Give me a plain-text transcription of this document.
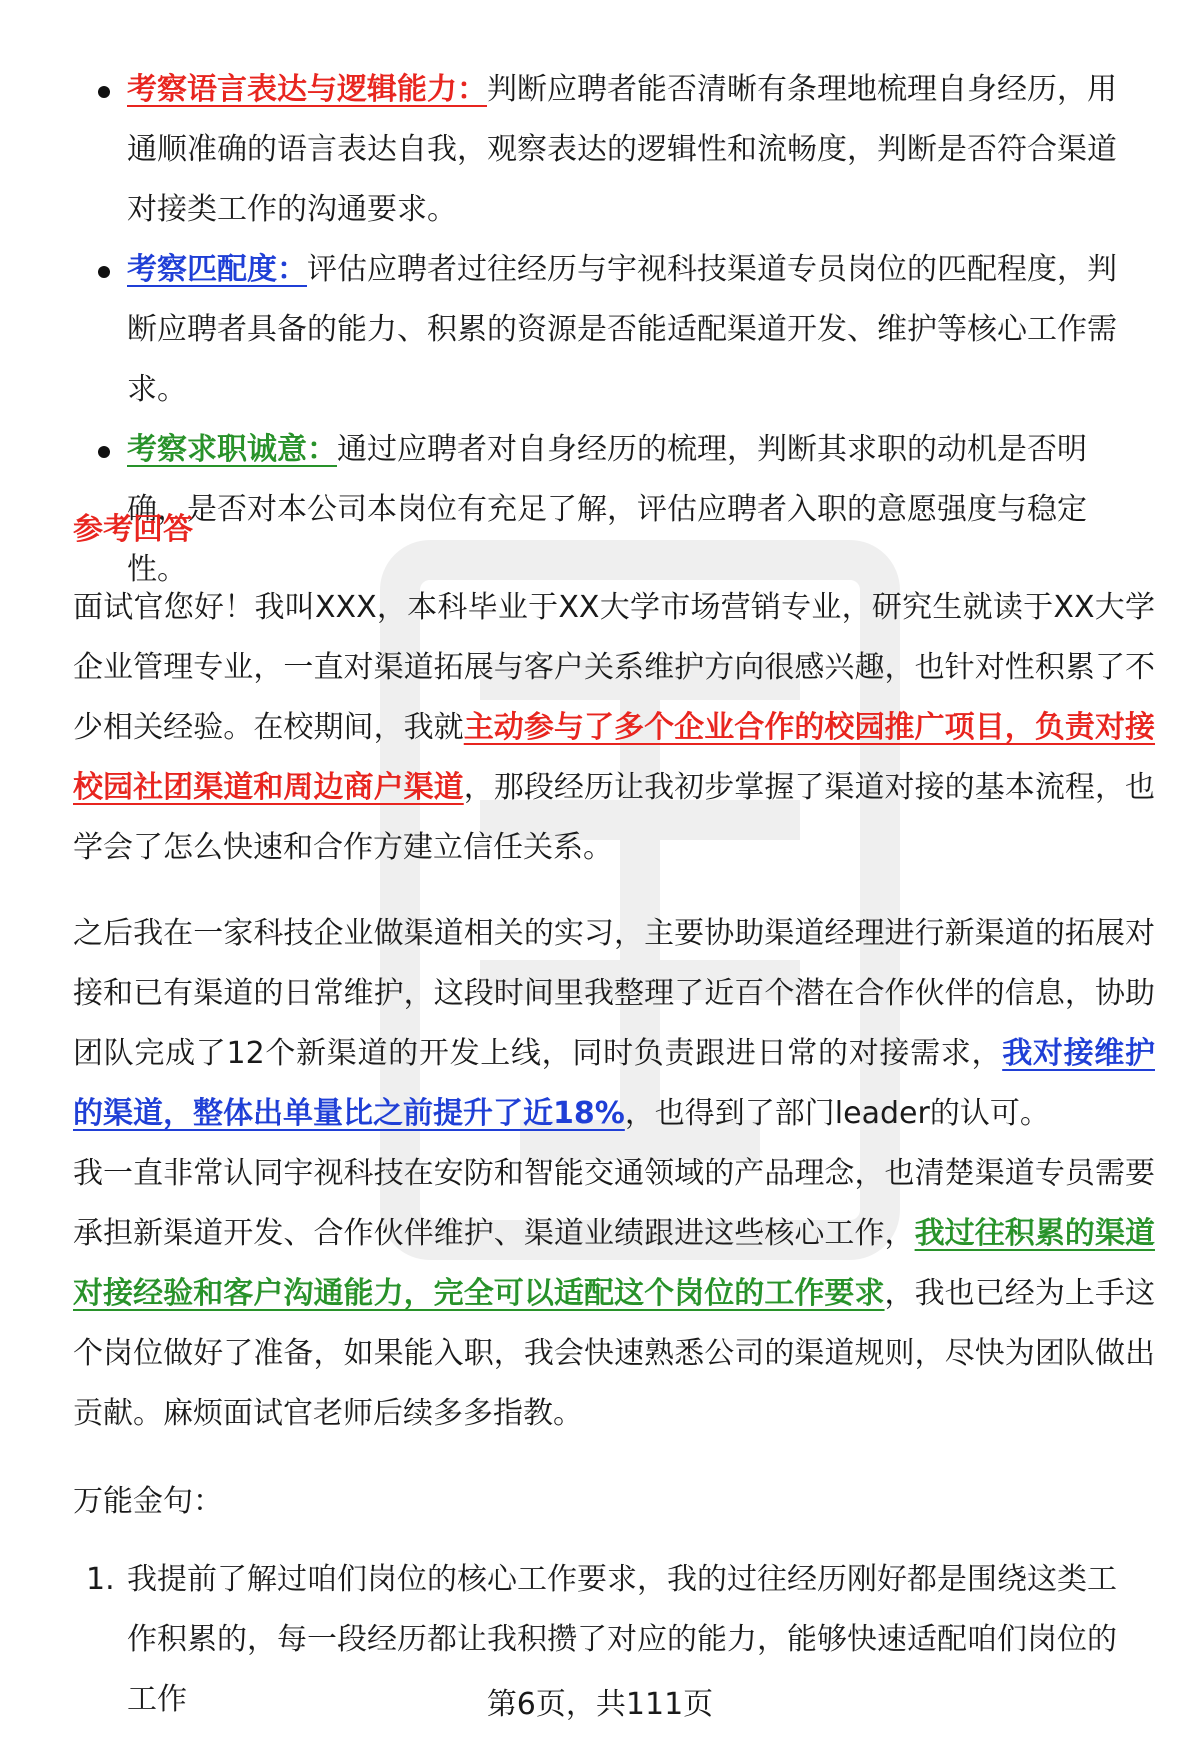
考察语言表达与逻辑能力：判断应聘者能否清晰有条理地梳理自身经历，用通顺准确的语言表达自我，观察表达的逻辑性和流畅度，判断是否符合渠道对接类工作的沟通要求。
考察匹配度：评估应聘者过往经历与宇视科技渠道专员岗位的匹配程度，判断应聘者具备的能力、积累的资源是否能适配渠道开发、维护等核心工作需求。
考察求职诚意：通过应聘者对自身经历的梳理，判断其求职的动机是否明确，是否对本公司本岗位有充足了解，评估应聘者入职的意愿强度与稳定性。
参考回答

面试官您好！我叫XXX，本科毕业于XX大学市场营销专业，研究生就读于XX大学企业管理专业，一直对渠道拓展与客户关系维护方向很感兴趣，也针对性积累了不少相关经验。在校期间，我就主动参与了多个企业合作的校园推广项目，负责对接校园社团渠道和周边商户渠道，那段经历让我初步掌握了渠道对接的基本流程，也学会了怎么快速和合作方建立信任关系。

之后我在一家科技企业做渠道相关的实习，主要协助渠道经理进行新渠道的拓展对接和已有渠道的日常维护，这段时间里我整理了近百个潜在合作伙伴的信息，协助团队完成了12个新渠道的开发上线，同时负责跟进日常的对接需求，我对接维护的渠道，整体出单量比之前提升了近18%，也得到了部门leader的认可。

我一直非常认同宇视科技在安防和智能交通领域的产品理念，也清楚渠道专员需要承担新渠道开发、合作伙伴维护、渠道业绩跟进这些核心工作，我过往积累的渠道对接经验和客户沟通能力，完全可以适配这个岗位的工作要求，我也已经为上手这个岗位做好了准备，如果能入职，我会快速熟悉公司的渠道规则，尽快为团队做出贡献。麻烦面试官老师后续多多指教。

万能金句：

1. 我提前了解过咱们岗位的核心工作要求，我的过往经历刚好都是围绕这类工作积累的，每一段经历都让我积攒了对应的能力，能够快速适配咱们岗位的工作	第6页，共111页
